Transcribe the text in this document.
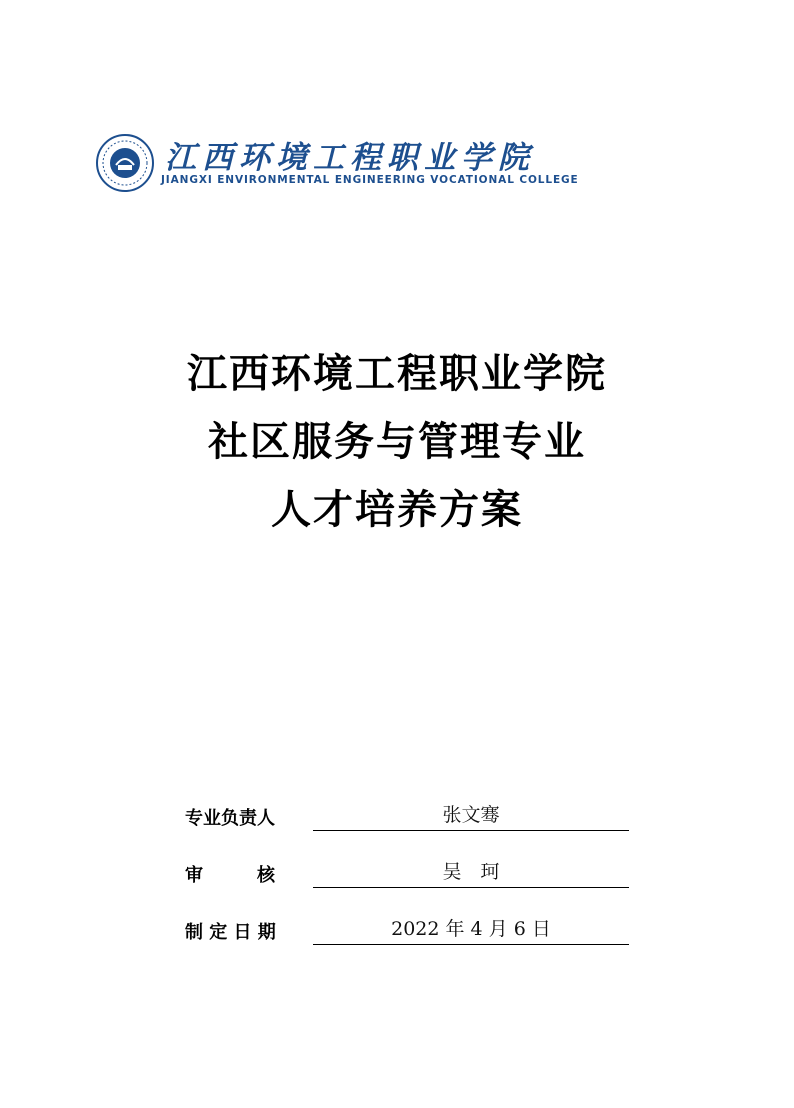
江西环境工程职业学院
JIANGXI ENVIRONMENTAL ENGINEERING VOCATIONAL COLLEGE
江西环境工程职业学院
社区服务与管理专业
人才培养方案
专业负责人	张文骞
审　　　核	吴　珂
制 定 日 期	2022 年 4 月 6 日
